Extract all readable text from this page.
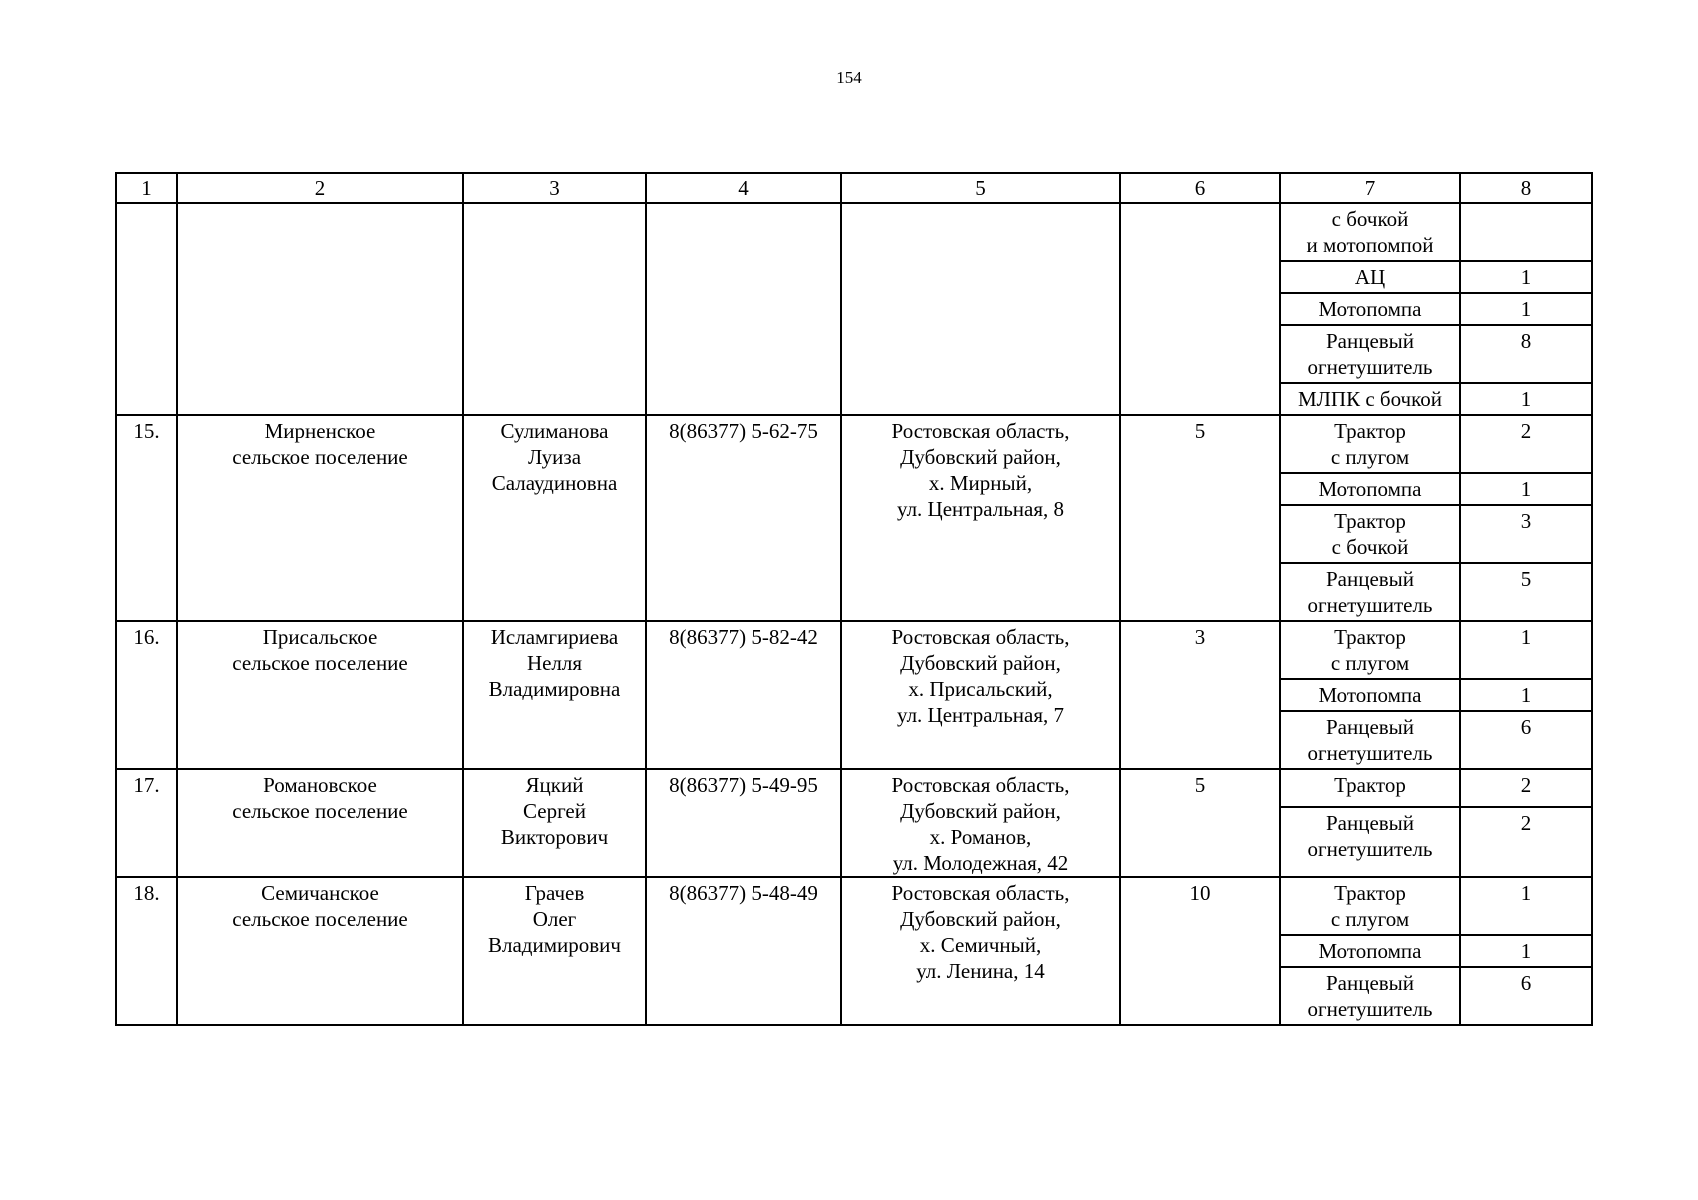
154
1	2	3	4	5	6	7	8

						с бочкой
и мотопомпой	

						АЦ	1

						Мотопомпа	1

						Ранцевый
огнетушитель	8

						МЛПК с бочкой	1
15.	Мирненское
сельское поселение	Сулиманова
Луиза
Салаудиновна	8(86377) 5-62-75	Ростовская область,
Дубовский район,
х. Мирный,
ул. Центральная, 8	5	Трактор
с плугом	2

						Мотопомпа	1

						Трактор
с бочкой	3

						Ранцевый
огнетушитель	5
16.	Присальское
сельское поселение	Исламгириева
Нелля
Владимировна	8(86377) 5-82-42	Ростовская область,
Дубовский район,
х. Присальский,
ул. Центральная, 7	3	Трактор
с плугом	1

						Мотопомпа	1

						Ранцевый
огнетушитель	6
17.	Романовское
сельское поселение	Яцкий
Сергей
Викторович	8(86377) 5-49-95	Ростовская область,
Дубовский район,
х. Романов,
ул. Молодежная, 42	5	Трактор	2

						Ранцевый
огнетушитель	2
18.	Семичанское
сельское поселение	Грачев
Олег
Владимирович	8(86377) 5-48-49	Ростовская область,
Дубовский район,
х. Семичный,
ул. Ленина, 14	10	Трактор
с плугом	1

						Мотопомпа	1

						Ранцевый
огнетушитель	6
